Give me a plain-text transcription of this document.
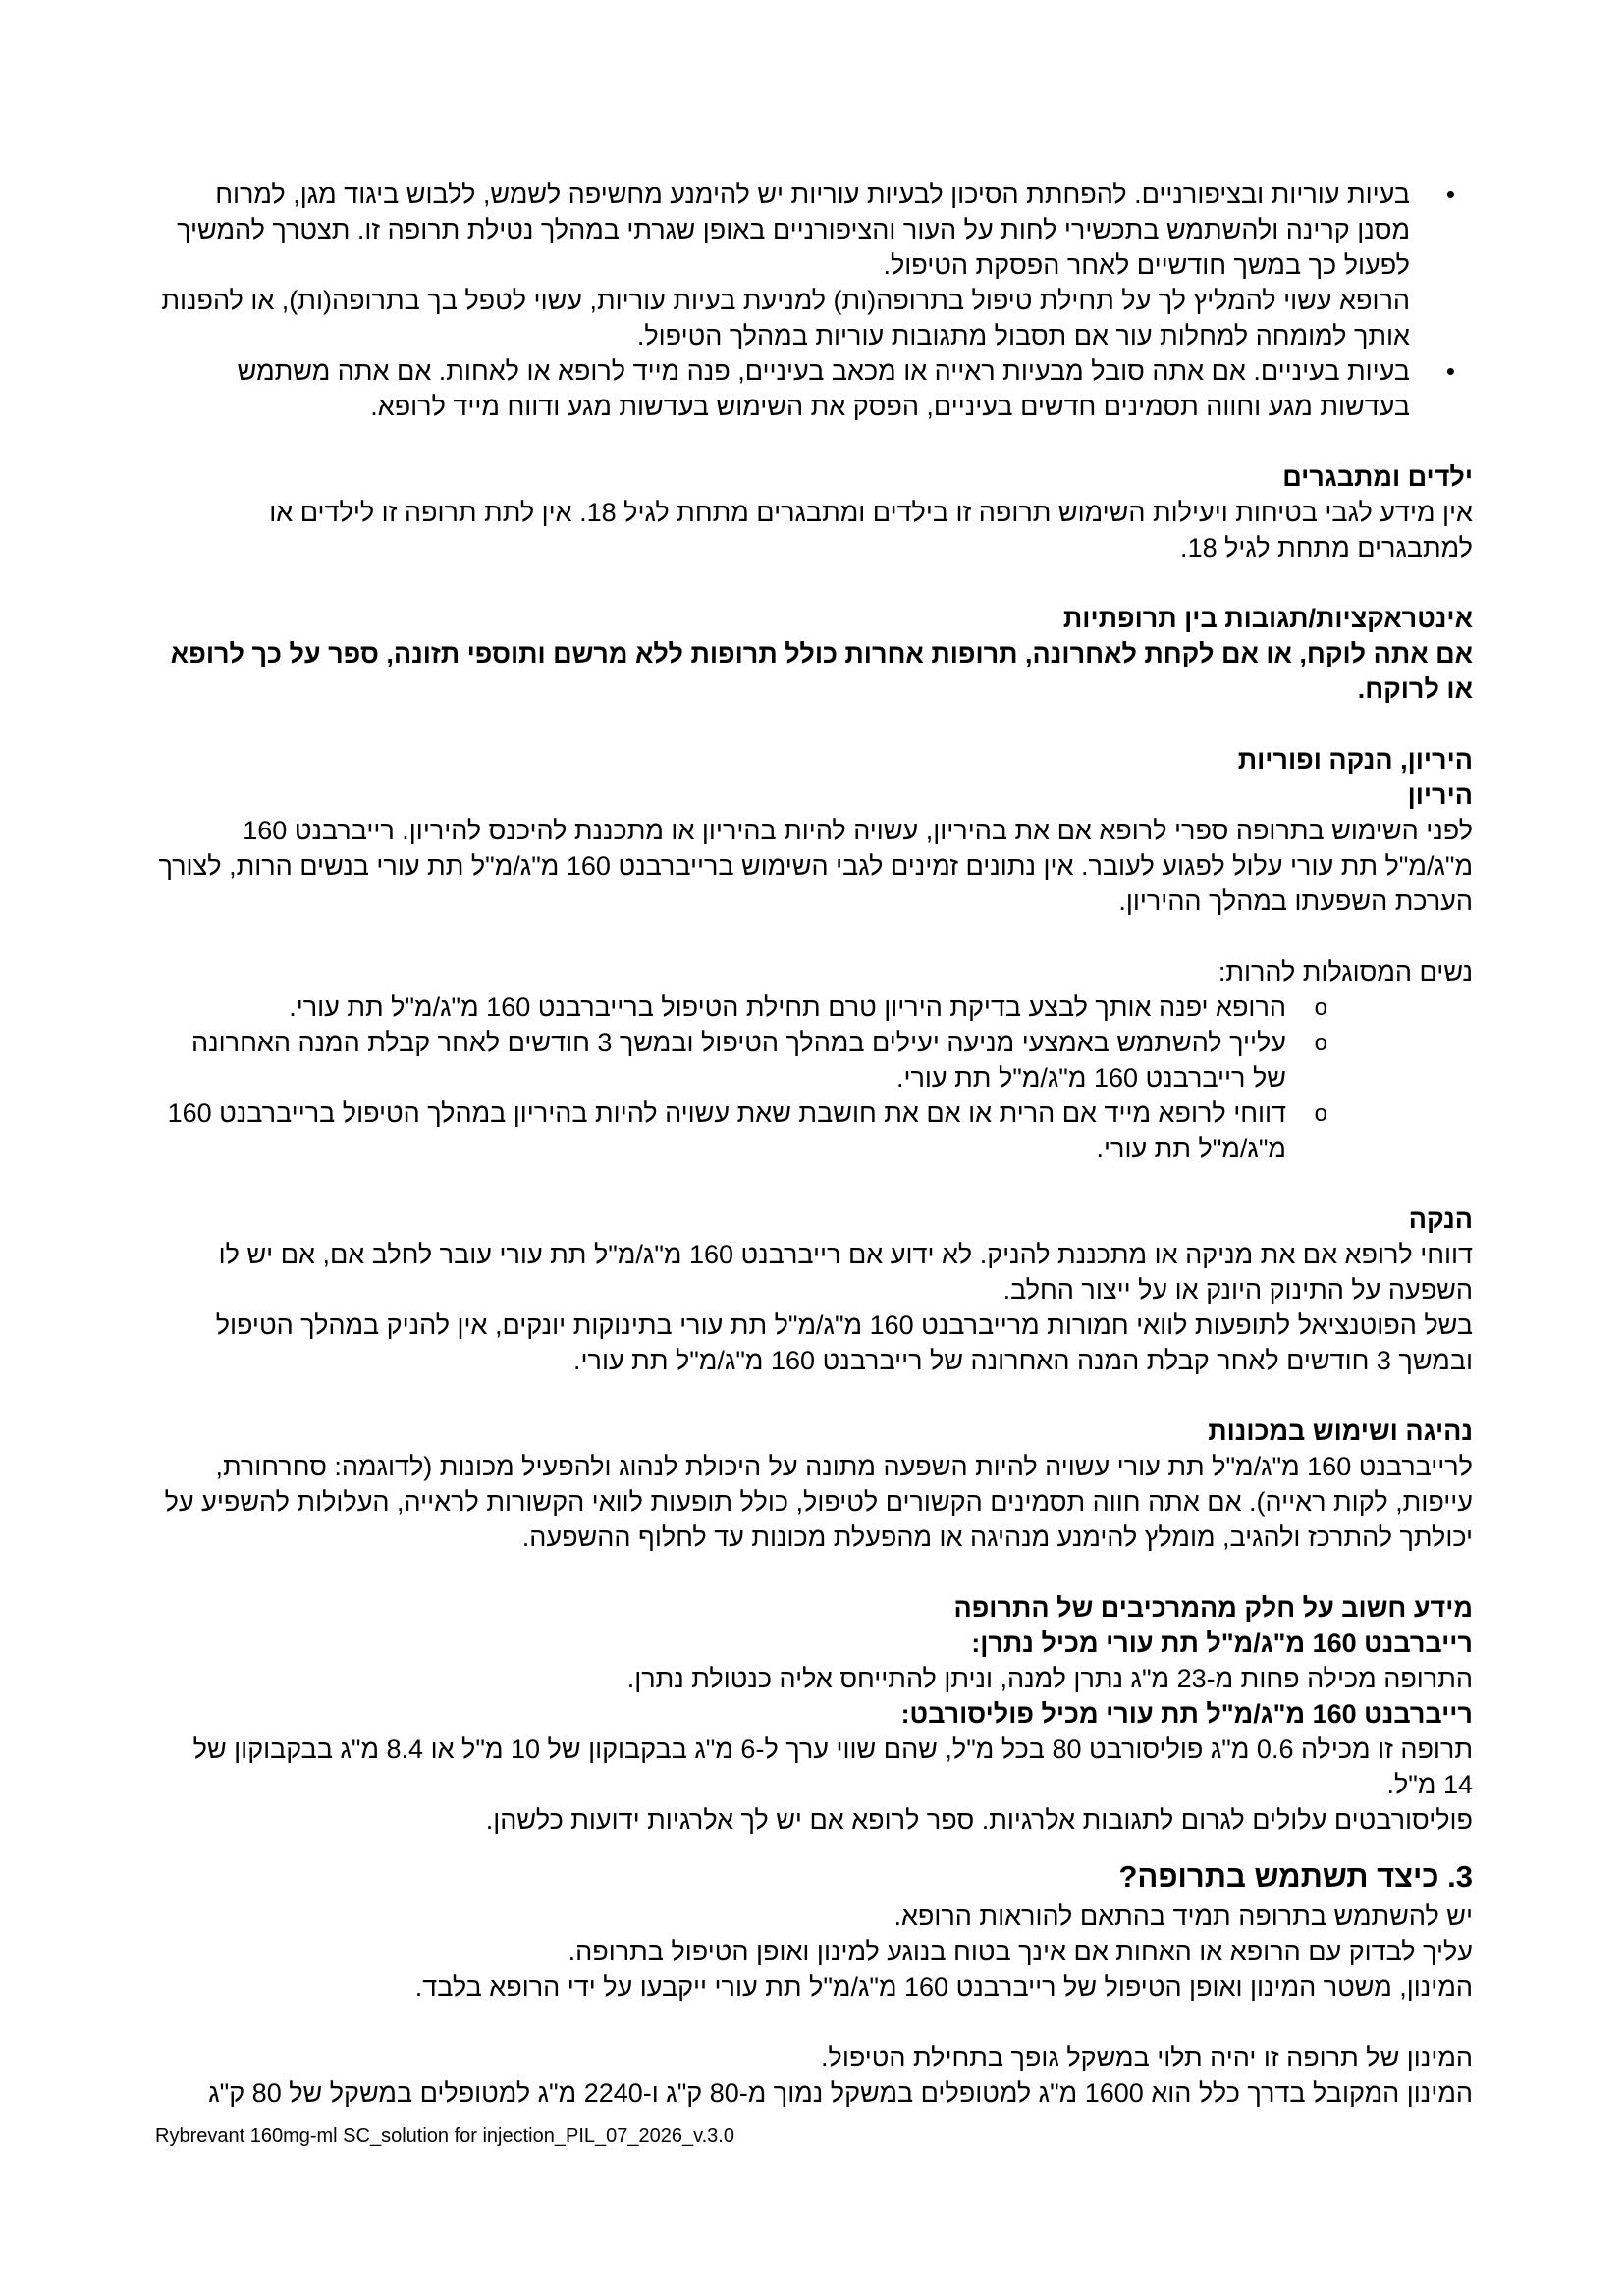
•

בעיות עוריות ובציפורניים. להפחתת הסיכון לבעיות עוריות יש להימנע מחשיפה לשמש, ללבוש ביגוד מגן, למרוח מסנן קרינה ולהשתמש בתכשירי לחות על העור והציפורניים באופן שגרתי במהלך נטילת תרופה זו. תצטרך להמשיך לפעול כך במשך חודשיים לאחר הפסקת הטיפול.

הרופא עשוי להמליץ לך על תחילת טיפול בתרופה(ות) למניעת בעיות עוריות, עשוי לטפל בך בתרופה(ות), או להפנות אותך למומחה למחלות עור אם תסבול מתגובות עוריות במהלך הטיפול.

•

בעיות בעיניים. אם אתה סובל מבעיות ראייה או מכאב בעיניים, פנה מייד לרופא או לאחות. אם אתה משתמש בעדשות מגע וחווה תסמינים חדשים בעיניים, הפסק את השימוש בעדשות מגע ודווח מייד לרופא.

ילדים ומתבגרים

אין מידע לגבי בטיחות ויעילות השימוש תרופה זו בילדים ומתבגרים מתחת לגיל 18. אין לתת תרופה זו לילדים או למתבגרים מתחת לגיל 18.

אינטראקציות/תגובות בין תרופתיות

אם אתה לוקח, או אם לקחת לאחרונה, תרופות אחרות כולל תרופות ללא מרשם ותוספי תזונה, ספר על כך לרופא או לרוקח.

היריון, הנקה ופוריות

היריון

לפני השימוש בתרופה ספרי לרופא אם את בהיריון, עשויה להיות בהיריון או מתכננת להיכנס להיריון. רייברבנט 160 מ"ג/מ"ל תת עורי עלול לפגוע לעובר. אין נתונים זמינים לגבי השימוש ברייברבנט 160 מ"ג/מ"ל תת עורי בנשים הרות, לצורך הערכת השפעתו במהלך ההיריון.

נשים המסוגלות להרות:

o
הרופא יפנה אותך לבצע בדיקת היריון טרם תחילת הטיפול ברייברבנט 160 מ"ג/מ"ל תת עורי.
o
עלייך להשתמש באמצעי מניעה יעילים במהלך הטיפול ובמשך 3 חודשים לאחר קבלת המנה האחרונה של רייברבנט 160 מ"ג/מ"ל תת עורי.
o
דווחי לרופא מייד אם הרית או אם את חושבת שאת עשויה להיות בהיריון במהלך הטיפול ברייברבנט 160 מ"ג/מ"ל תת עורי.

הנקה

דווחי לרופא אם את מניקה או מתכננת להניק. לא ידוע אם רייברבנט 160 מ"ג/מ"ל תת עורי עובר לחלב אם, אם יש לו השפעה על התינוק היונק או על ייצור החלב.

בשל הפוטנציאל לתופעות לוואי חמורות מרייברבנט 160 מ"ג/מ"ל תת עורי בתינוקות יונקים, אין להניק במהלך הטיפול ובמשך 3 חודשים לאחר קבלת המנה האחרונה של רייברבנט 160 מ"ג/מ"ל תת עורי.

נהיגה ושימוש במכונות

לרייברבנט 160 מ"ג/מ"ל תת עורי עשויה להיות השפעה מתונה על היכולת לנהוג ולהפעיל מכונות (לדוגמה: סחרחורת, עייפות, לקות ראייה). אם אתה חווה תסמינים הקשורים לטיפול, כולל תופעות לוואי הקשורות לראייה, העלולות להשפיע על יכולתך להתרכז ולהגיב, מומלץ להימנע מנהיגה או מהפעלת מכונות עד לחלוף ההשפעה.

מידע חשוב על חלק מהמרכיבים של התרופה

רייברבנט 160 מ"ג/מ"ל תת עורי מכיל נתרן:

התרופה מכילה פחות מ-23 מ"ג נתרן למנה, וניתן להתייחס אליה כנטולת נתרן.

רייברבנט 160 מ"ג/מ"ל תת עורי מכיל פוליסורבט:

תרופה זו מכילה 0.6 מ"ג פוליסורבט 80 בכל מ"ל, שהם שווי ערך ל-6 מ"ג בבקבוקון של 10 מ"ל או 8.4 מ"ג בבקבוקון של 14 מ"ל.

פוליסורבטים עלולים לגרום לתגובות אלרגיות. ספר לרופא אם יש לך אלרגיות ידועות כלשהן.

3. כיצד תשתמש בתרופה?

יש להשתמש בתרופה תמיד בהתאם להוראות הרופא.

עליך לבדוק עם הרופא או האחות אם אינך בטוח בנוגע למינון ואופן הטיפול בתרופה.

המינון, משטר המינון ואופן הטיפול של רייברבנט 160 מ"ג/מ"ל תת עורי ייקבעו על ידי הרופא בלבד.

המינון של תרופה זו יהיה תלוי במשקל גופך בתחילת הטיפול.

המינון המקובל בדרך כלל הוא 1600 מ"ג למטופלים במשקל נמוך מ-80 ק"ג ו-2240 מ"ג למטופלים במשקל של 80 ק"ג

Rybrevant 160mg-ml SC_solution for injection_PIL_07_2026_v.3.0
